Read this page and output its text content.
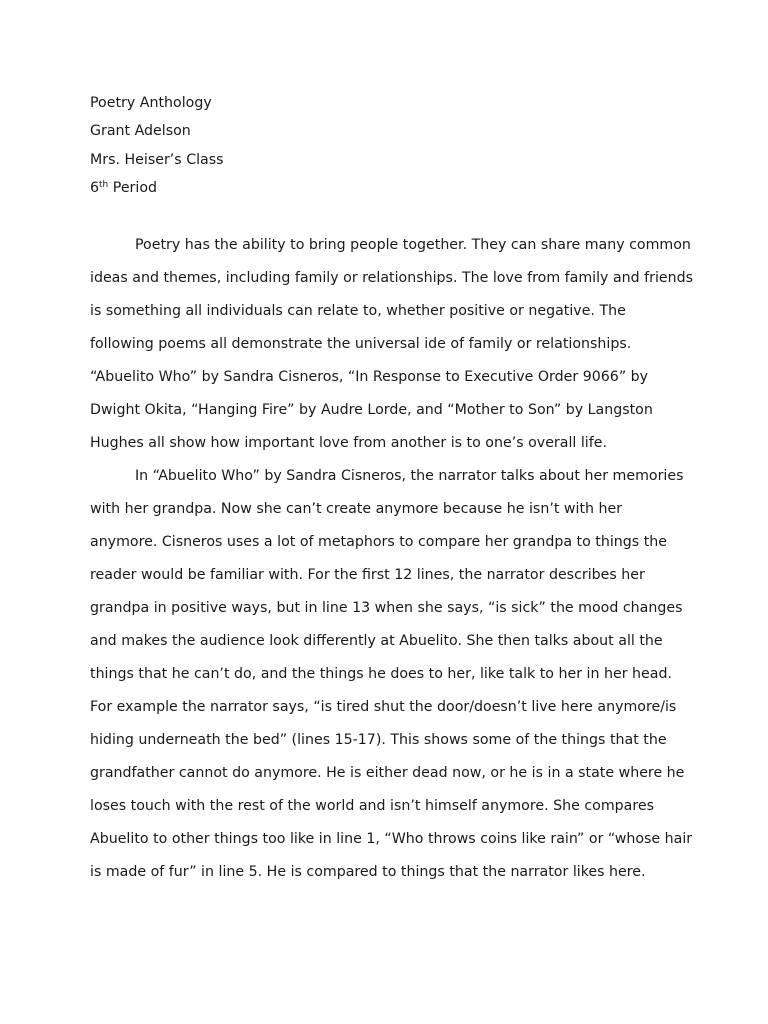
Poetry Anthology
Grant Adelson
Mrs. Heiser’s Class
6th Period
Poetry has the ability to bring people together. They can share many common
ideas and themes, including family or relationships. The love from family and friends
is something all individuals can relate to, whether positive or negative. The
following poems all demonstrate the universal ide of family or relationships.
“Abuelito Who” by Sandra Cisneros, “In Response to Executive Order 9066” by
Dwight Okita, “Hanging Fire” by Audre Lorde, and “Mother to Son” by Langston
Hughes all show how important love from another is to one’s overall life.
In “Abuelito Who” by Sandra Cisneros, the narrator talks about her memories
with her grandpa. Now she can’t create anymore because he isn’t with her
anymore. Cisneros uses a lot of metaphors to compare her grandpa to things the
reader would be familiar with. For the first 12 lines, the narrator describes her
grandpa in positive ways, but in line 13 when she says, “is sick” the mood changes
and makes the audience look differently at Abuelito. She then talks about all the
things that he can’t do, and the things he does to her, like talk to her in her head.
For example the narrator says, “is tired shut the door/doesn’t live here anymore/is
hiding underneath the bed” (lines 15-17). This shows some of the things that the
grandfather cannot do anymore. He is either dead now, or he is in a state where he
loses touch with the rest of the world and isn’t himself anymore. She compares
Abuelito to other things too like in line 1, “Who throws coins like rain” or “whose hair
is made of fur” in line 5. He is compared to things that the narrator likes here.
